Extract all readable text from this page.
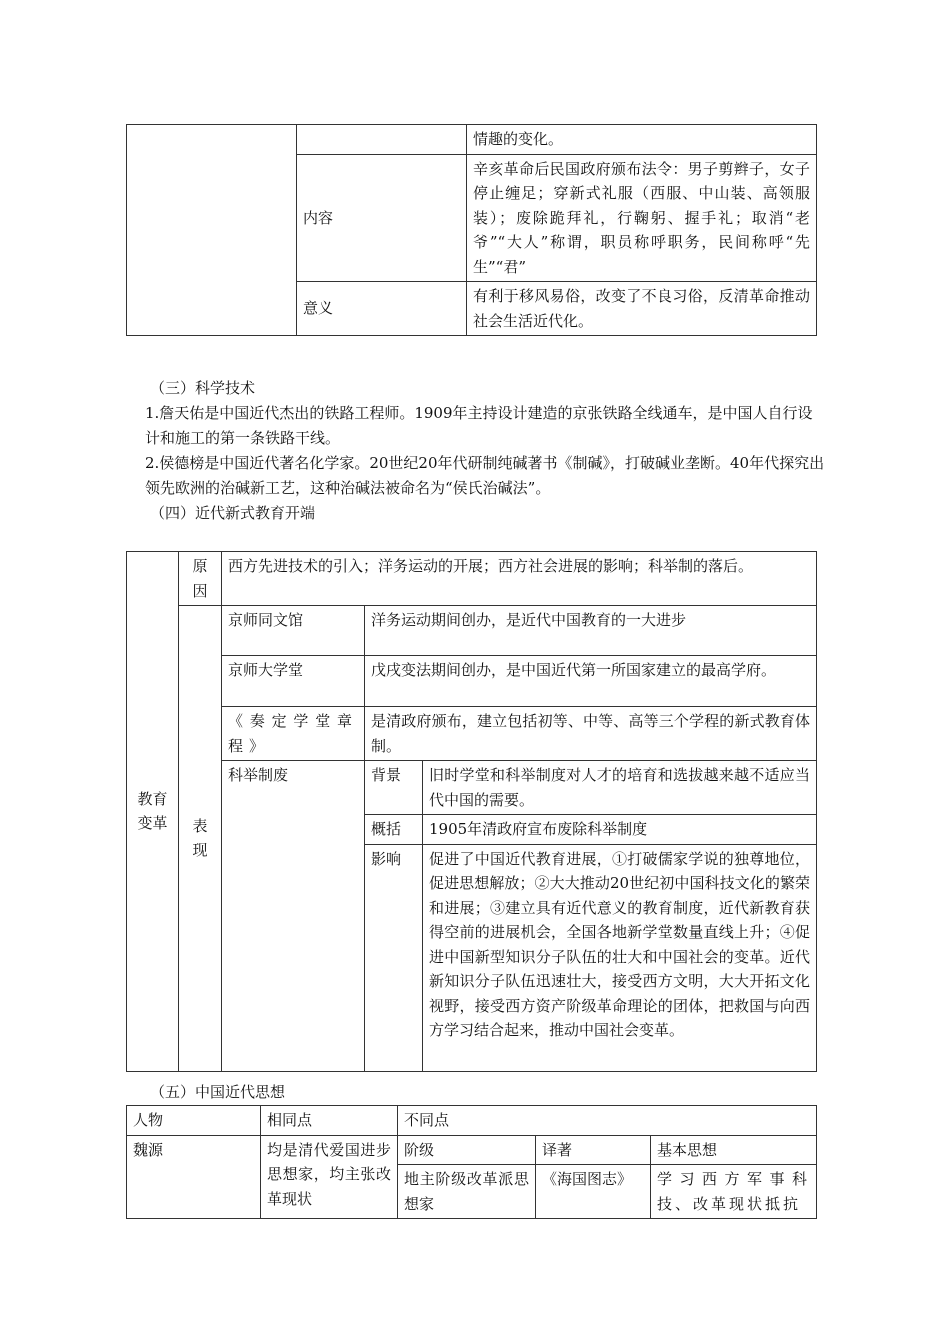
		情趣的变化。
	内容	辛亥革命后民国政府颁布法令：男子剪辫子，女子停止缠足；穿新式礼服（西服、中山装、高领服装）；废除跪拜礼，行鞠躬、握手礼；取消“老爷”“大人”称谓，职员称呼职务，民间称呼“先生”“君”
	意义	有利于移风易俗，改变了不良习俗，反清革命推动社会生活近代化。

（三）科学技术

1.詹天佑是中国近代杰出的铁路工程师。1909年主持设计建造的京张铁路全线通车，是中国人自行设计和施工的第一条铁路干线。

2.侯德榜是中国近代著名化学家。20世纪20年代研制纯碱著书《制碱》，打破碱业垄断。40年代探究出领先欧洲的治碱新工艺，这种治碱法被命名为“侯氏治碱法”。

（四）近代新式教育开端

教育变革	原因	西方先进技术的引入；洋务运动的开展；西方社会进展的影响；科举制的落后。		
	表现	京师同文馆	洋务运动期间创办，是近代中国教育的一大进步	
		京师大学堂	戊戌变法期间创办，是中国近代第一所国家建立的最高学府。	
		《奏定学堂章程》	是清政府颁布，建立包括初等、中等、高等三个学程的新式教育体制。	
		科举制废	背景	旧时学堂和科举制度对人才的培育和选拔越来越不适应当代中国的需要。
			概括	1905年清政府宣布废除科举制度
			影响	促进了中国近代教育进展，①打破儒家学说的独尊地位，促进思想解放；②大大推动20世纪初中国科技文化的繁荣和进展；③建立具有近代意义的教育制度，近代新教育获得空前的进展机会，全国各地新学堂数量直线上升；④促进中国新型知识分子队伍的壮大和中国社会的变革。近代新知识分子队伍迅速壮大，接受西方文明，大大开拓文化视野，接受西方资产阶级革命理论的团体，把救国与向西方学习结合起来，推动中国社会变革。

（五）中国近代思想

人物	相同点	不同点		
魏源	均是清代爱国进步思想家，均主张改革现状	阶级	译著	基本思想
		地主阶级改革派思想家	《海国图志》	学习西方军事科技、改革现状抵抗
